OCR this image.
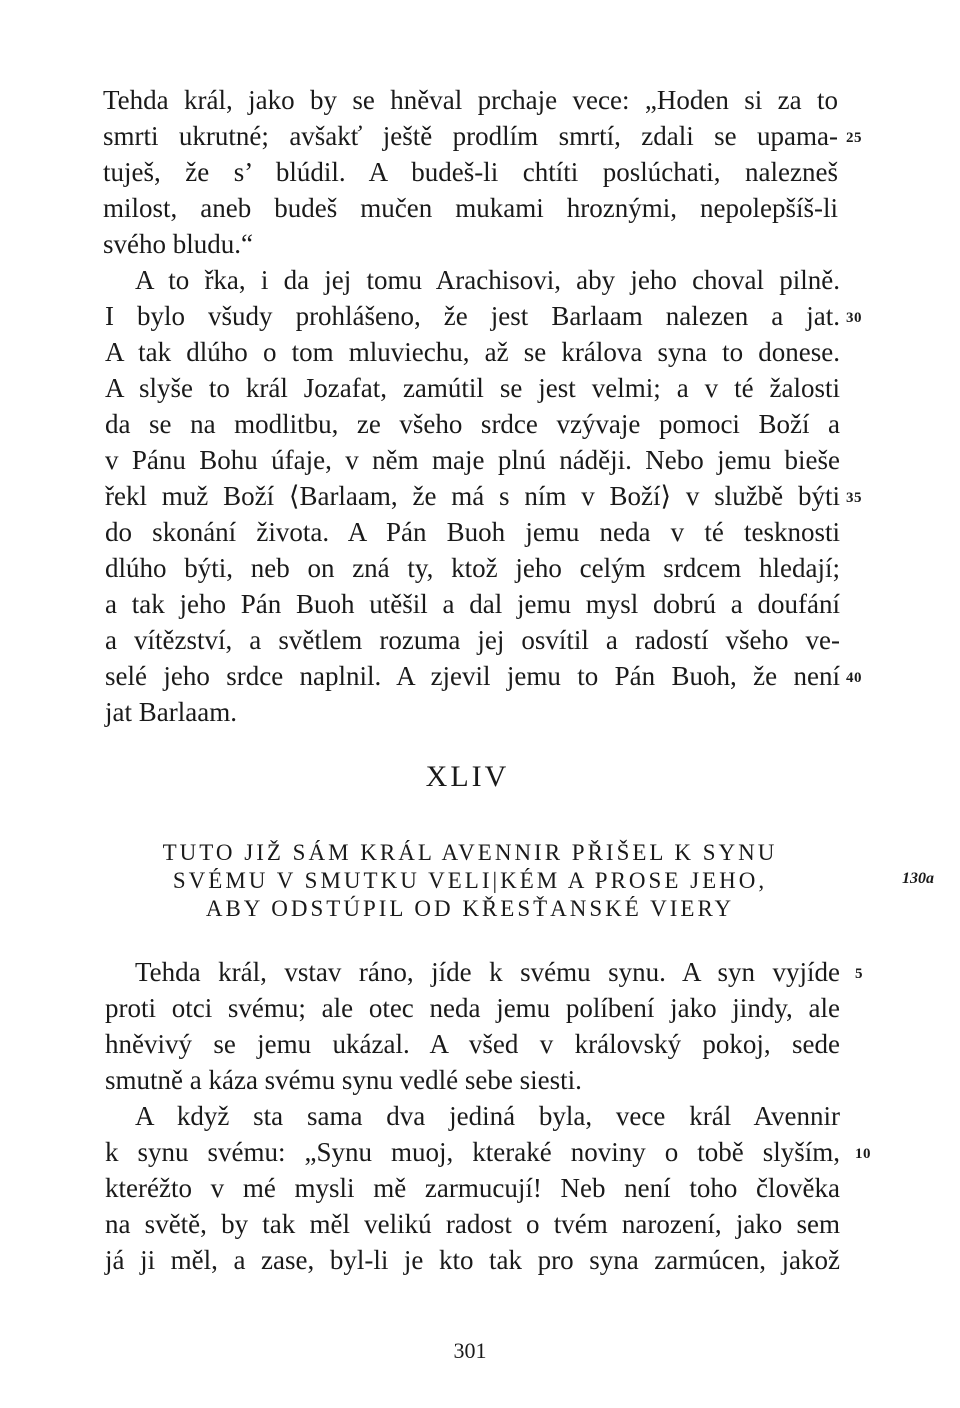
Tehda král, jako by se hněval prchaje vece: „Hoden si za to
smrti ukrutné; avšakť ještě prodlím smrtí, zdali se upama-
tuješ, že s’ blúdil. A budeš-li chtíti poslúchati, nalezneš
milost, aneb budeš mučen mukami hroznými, nepolepšíš-li
svého bludu.“
A to řka, i da jej tomu Arachisovi, aby jeho choval pilně.
I bylo všudy prohlášeno, že jest Barlaam nalezen a jat.
A tak dlúho o tom mluviechu, až se králova syna to donese.
A slyše to král Jozafat, zamútil se jest velmi; a v té žalosti
da se na modlitbu, ze všeho srdce vzývaje pomoci Boží a
v Pánu Bohu úfaje, v něm maje plnú náději. Nebo jemu bieše
řekl muž Boží ⟨Barlaam, že má s ním v Boží⟩ v službě býti
do skonání života. A Pán Buoh jemu neda v té tesknosti
dlúho býti, neb on zná ty, ktož jeho celým srdcem hledají;
a tak jeho Pán Buoh utěšil a dal jemu mysl dobrú a doufání
a vítězství, a světlem rozuma jej osvítil a radostí všeho ve-
selé jeho srdce naplnil. A zjevil jemu to Pán Buoh, že není
jat Barlaam.
25
30
35
40
XLIV
TUTO JIŽ SÁM KRÁL AVENNIR PŘIŠEL K SYNU
SVÉMU V SMUTKU VELI|KÉM A PROSE JEHO,
ABY ODSTÚPIL OD KŘESŤANSKÉ VIERY
130a
Tehda král, vstav ráno, jíde k svému synu. A syn vyjíde
proti otci svému; ale otec neda jemu políbení jako jindy, ale
hněvivý se jemu ukázal. A všed v královský pokoj, sede
smutně a káza svému synu vedlé sebe siesti.
A když sta sama dva jediná byla, vece král Avennir
k synu svému: „Synu muoj, kteraké noviny o tobě slyším,
kteréžto v mé mysli mě zarmucují! Neb není toho člověka
na světě, by tak měl velikú radost o tvém narození, jako sem
já ji měl, a zase, byl-li je kto tak pro syna zarmúcen, jakož
5
10
301
